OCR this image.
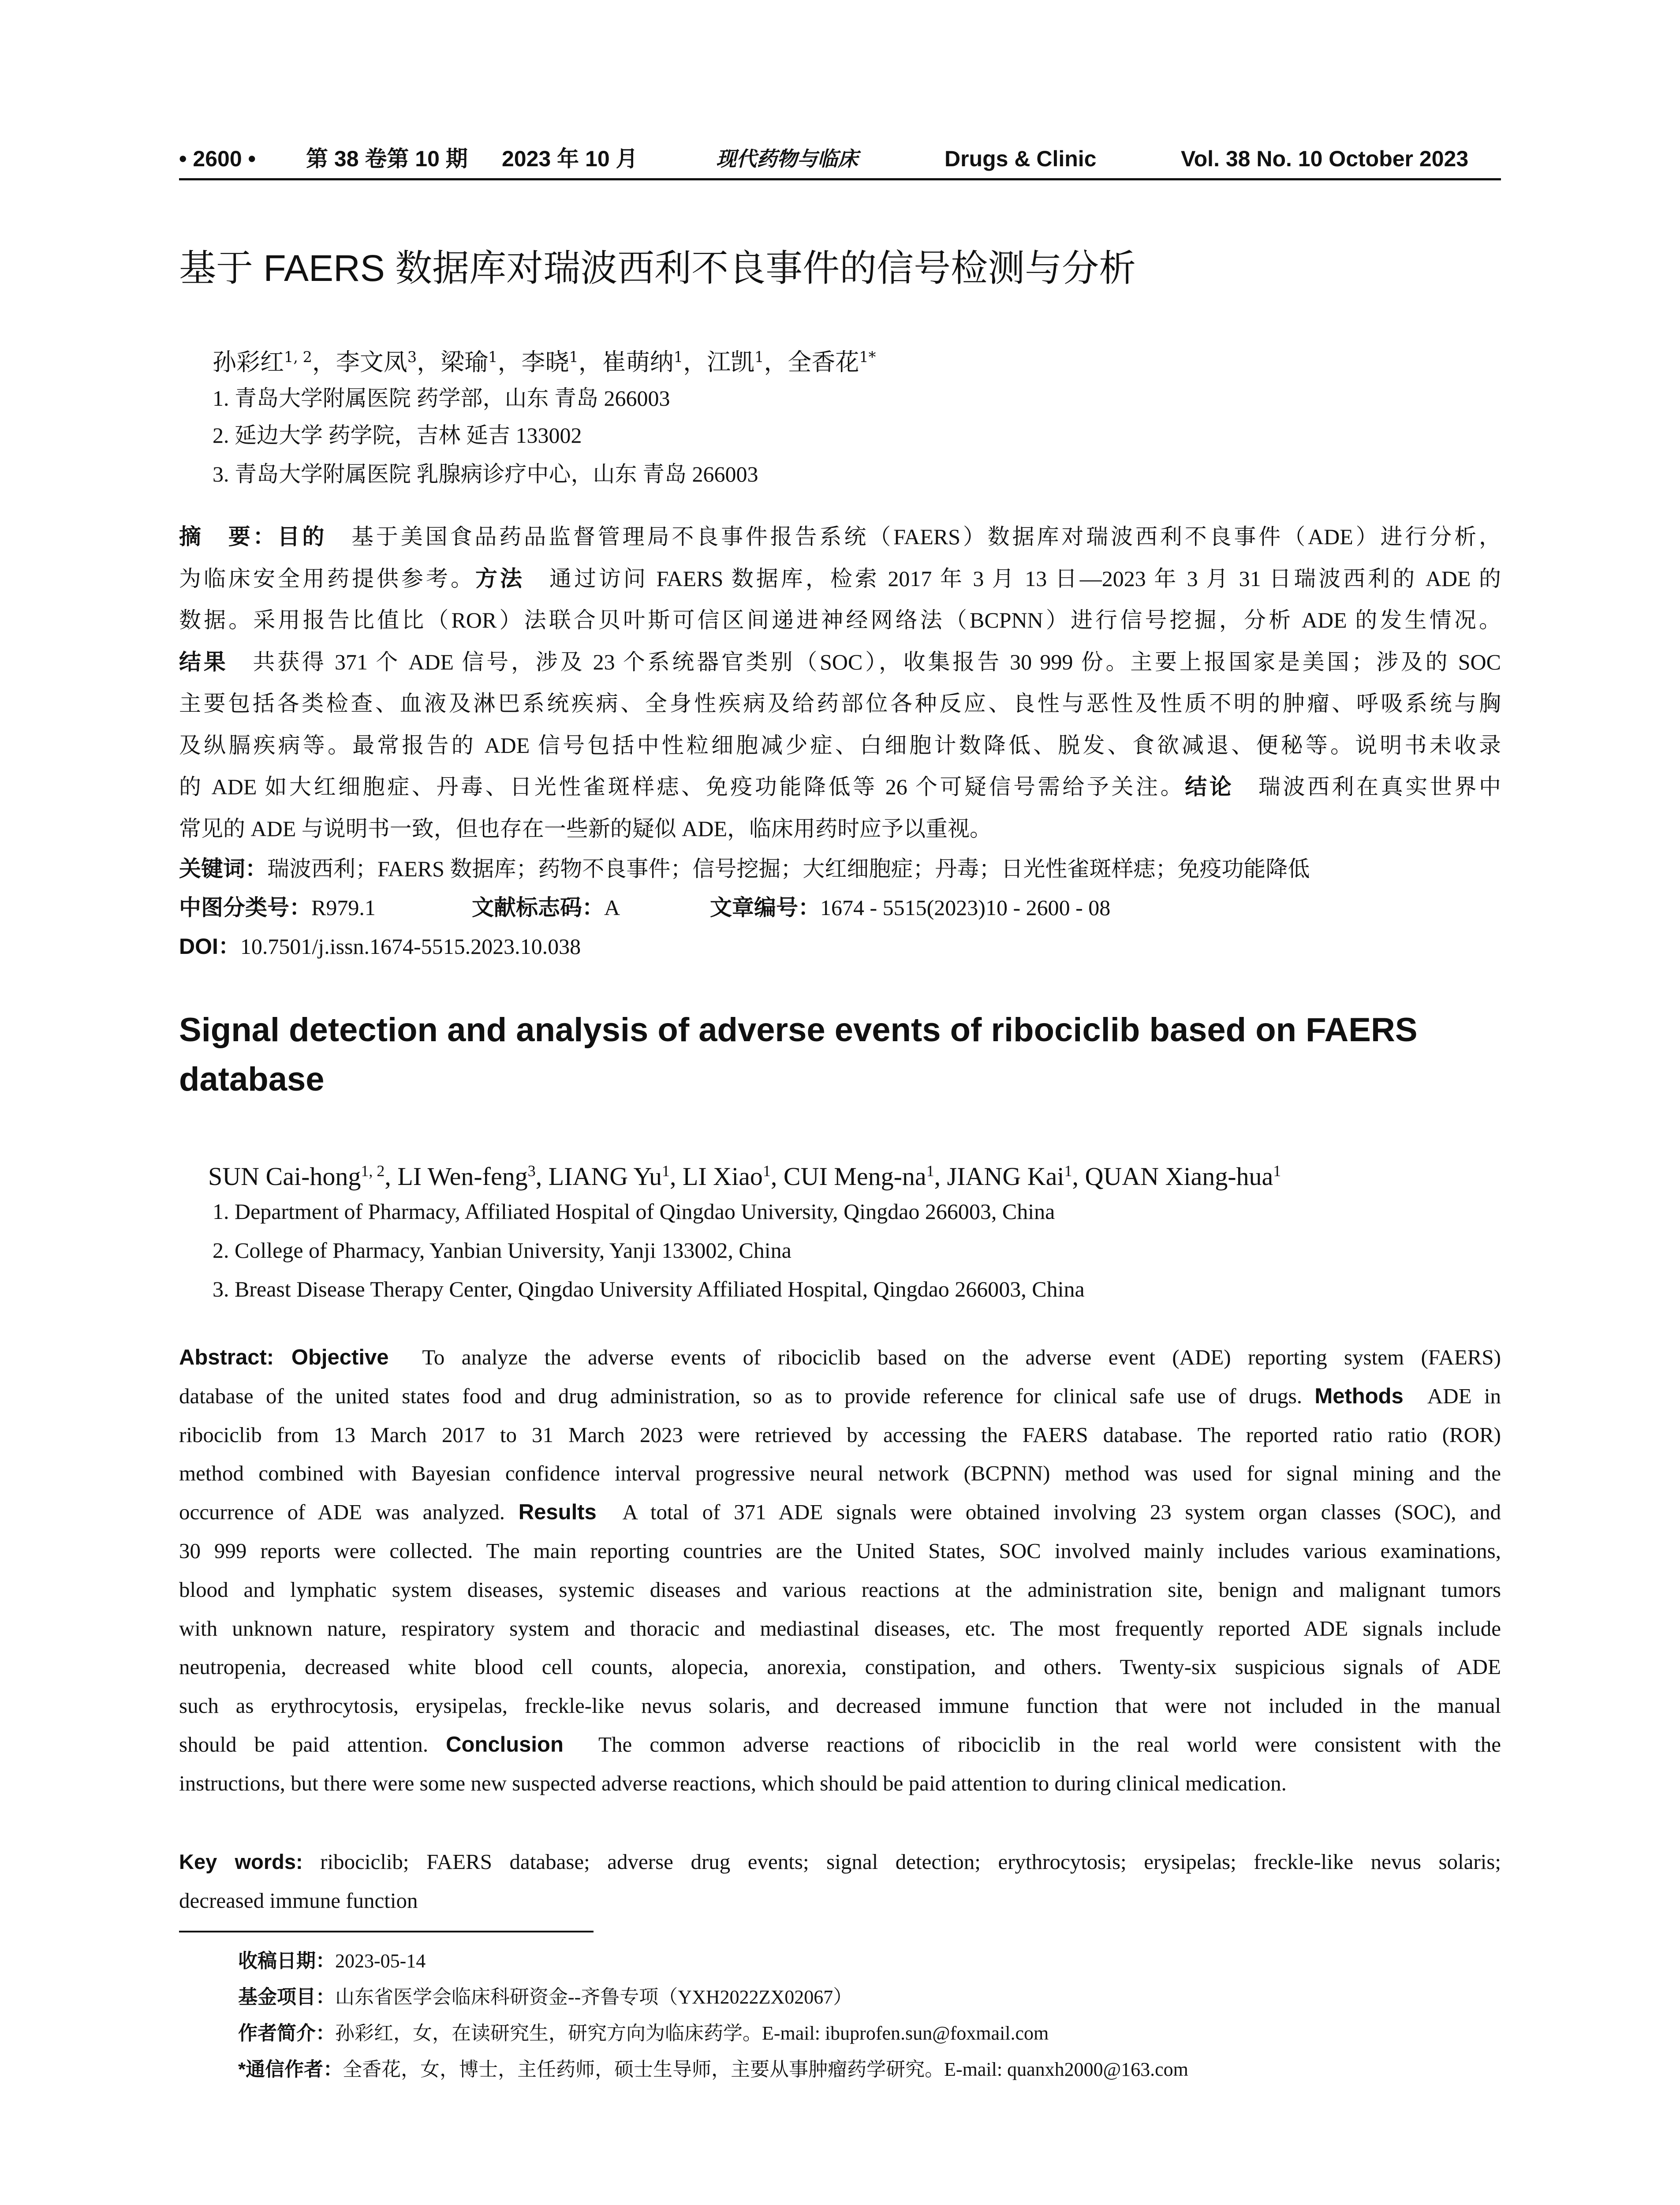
• 2600 • 第 38 卷第 10 期 2023 年 10 月	现代药物与临床	Drugs & Clinic	Vol. 38 No. 10 October 2023
基于 FAERS 数据库对瑞波西利不良事件的信号检测与分析
孙彩红$^{1, 2}$，李文凤$^3$，梁瑜$^1$，李晓$^1$，崔萌纳$^1$，江凯$^1$，全香花$^{1*}$
1. 青岛大学附属医院 药学部，山东 青岛 266003
2. 延边大学 药学院，吉林 延吉 133002
3. 青岛大学附属医院 乳腺病诊疗中心，山东 青岛 266003
摘　要：目的　基于美国食品药品监督管理局不良事件报告系统（FAERS）数据库对瑞波西利不良事件（ADE）进行分析，
为临床安全用药提供参考。方法　通过访问 FAERS 数据库，检索 2017 年 3 月 13 日—2023 年 3 月 31 日瑞波西利的 ADE 的
数据。采用报告比值比（ROR）法联合贝叶斯可信区间递进神经网络法（BCPNN）进行信号挖掘，分析 ADE 的发生情况。
结果　共获得 371 个 ADE 信号，涉及 23 个系统器官类别（SOC），收集报告 30 999 份。主要上报国家是美国；涉及的 SOC
主要包括各类检查、血液及淋巴系统疾病、全身性疾病及给药部位各种反应、良性与恶性及性质不明的肿瘤、呼吸系统与胸
及纵膈疾病等。最常报告的 ADE 信号包括中性粒细胞减少症、白细胞计数降低、脱发、食欲减退、便秘等。说明书未收录
的 ADE 如大红细胞症、丹毒、日光性雀斑样痣、免疫功能降低等 26 个可疑信号需给予关注。结论　瑞波西利在真实世界中
常见的 ADE 与说明书一致，但也存在一些新的疑似 ADE，临床用药时应予以重视。
关键词：瑞波西利；FAERS 数据库；药物不良事件；信号挖掘；大红细胞症；丹毒；日光性雀斑样痣；免疫功能降低
中图分类号：R979.1	文献标志码：A	文章编号：1674 - 5515(2023)10 - 2600 - 08
DOI：10.7501/j.issn.1674-5515.2023.10.038
Signal detection and analysis of adverse events of ribociclib based on FAERS database
SUN Cai-hong$^{1, 2}$, LI Wen-feng$^3$, LIANG Yu$^1$, LI Xiao$^1$, CUI Meng-$na^1$, JIANG Kai$^1$, QUAN Xiang-hua$^1$
1. Department of Pharmacy, Affiliated Hospital of Qingdao University, Qingdao 266003, China
2. College of Pharmacy, Yanbian University, Yanji 133002, China
3. Breast Disease Therapy Center, Qingdao University Affiliated Hospital, Qingdao 266003, China
Abstract: Objective  To analyze the adverse events of ribociclib based on the adverse event (ADE) reporting system (FAERS)
database of the united states food and drug administration, so as to provide reference for clinical safe use of drugs. Methods  ADE in
ribociclib from 13 March 2017 to 31 March 2023 were retrieved by accessing the FAERS database. The reported ratio ratio (ROR)
method combined with Bayesian confidence interval progressive neural network (BCPNN) method was used for signal mining and the
occurrence of ADE was analyzed. Results  A total of 371 ADE signals were obtained involving 23 system organ classes (SOC), and
30 999 reports were collected. The main reporting countries are the United States, SOC involved mainly includes various examinations,
blood and lymphatic system diseases, systemic diseases and various reactions at the administration site, benign and malignant tumors
with unknown nature, respiratory system and thoracic and mediastinal diseases, etc. The most frequently reported ADE signals include
neutropenia, decreased white blood cell counts, alopecia, anorexia, constipation, and others. Twenty-six suspicious signals of ADE
such as erythrocytosis, erysipelas, freckle-like nevus solaris, and decreased immune function that were not included in the manual
should be paid attention. Conclusion  The common adverse reactions of ribociclib in the real world were consistent with the
instructions, but there were some new suspected adverse reactions, which should be paid attention to during clinical medication.
Key words: ribociclib; FAERS database; adverse drug events; signal detection; erythrocytosis; erysipelas; freckle-like nevus solaris;
decreased immune function
收稿日期：2023-05-14
基金项目：山东省医学会临床科研资金--齐鲁专项（YXH2022ZX02067）
作者简介：孙彩红，女，在读研究生，研究方向为临床药学。E-mail: ibuprofen.sun@foxmail.com
*通信作者：全香花，女，博士，主任药师，硕士生导师，主要从事肿瘤药学研究。E-mail: quanxh2000@163.com
